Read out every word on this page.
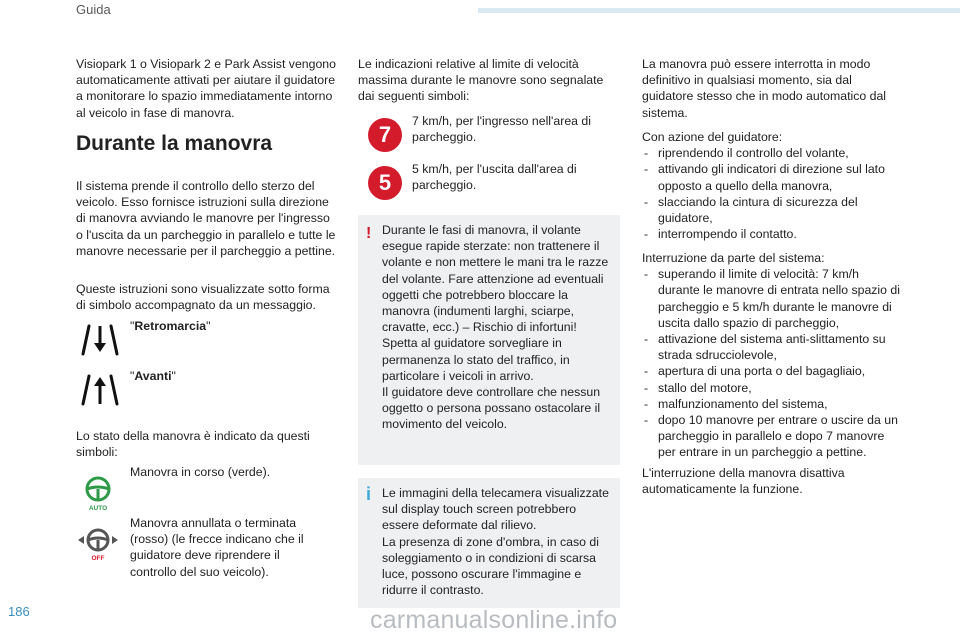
Guida
Visiopark 1 o Visiopark 2 e Park Assist vengono automaticamente attivati per aiutare il guidatore a monitorare lo spazio immediatamente intorno al veicolo in fase di manovra.
Durante la manovra
Il sistema prende il controllo dello sterzo del veicolo. Esso fornisce istruzioni sulla direzione di manovra avviando le manovre per l'ingresso o l'uscita da un parcheggio in parallelo e tutte le manovre necessarie per il parcheggio a pettine.
Queste istruzioni sono visualizzate sotto forma di simbolo accompagnato da un messaggio.
"Retromarcia"
"Avanti"
Lo stato della manovra è indicato da questi simboli:
AUTO
Manovra in corso (verde).
OFF
Manovra annullata o terminata (rosso) (le frecce indicano che il guidatore deve riprendere il controllo del suo veicolo).
Le indicazioni relative al limite di velocità massima durante le manovre sono segnalate dai seguenti simboli:
7
7 km/h, per l'ingresso nell'area di parcheggio.
5
5 km/h, per l'uscita dall'area di parcheggio.
! Durante le fasi di manovra, il volante esegue rapide sterzate: non trattenere il volante e non mettere le mani tra le razze del volante. Fare attenzione ad eventuali oggetti che potrebbero bloccare la manovra (indumenti larghi, sciarpe, cravatte, ecc.) – Rischio di infortuni! Spetta al guidatore sorvegliare in permanenza lo stato del traffico, in particolare i veicoli in arrivo.
Il guidatore deve controllare che nessun oggetto o persona possano ostacolare il movimento del veicolo.
i Le immagini della telecamera visualizzate sul display touch screen potrebbero essere deformate dal rilievo.
La presenza di zone d'ombra, in caso di soleggiamento o in condizioni di scarsa luce, possono oscurare l'immagine e ridurre il contrasto.
La manovra può essere interrotta in modo definitivo in qualsiasi momento, sia dal guidatore stesso che in modo automatico dal sistema.
Con azione del guidatore:
- riprendendo il controllo del volante,
- attivando gli indicatori di direzione sul lato opposto a quello della manovra,
- slacciando la cintura di sicurezza del guidatore,
- interrompendo il contatto.
Interruzione da parte del sistema:
- superando il limite di velocità: 7 km/h durante le manovre di entrata nello spazio di parcheggio e 5 km/h durante le manovre di uscita dallo spazio di parcheggio,
- attivazione del sistema anti-slittamento su strada sdrucciolevole,
- apertura di una porta o del bagagliaio,
- stallo del motore,
- malfunzionamento del sistema,
- dopo 10 manovre per entrare o uscire da un parcheggio in parallelo e dopo 7 manovre per entrare in un parcheggio a pettine.
L'interruzione della manovra disattiva automaticamente la funzione.
186	carmanualsonline.info
